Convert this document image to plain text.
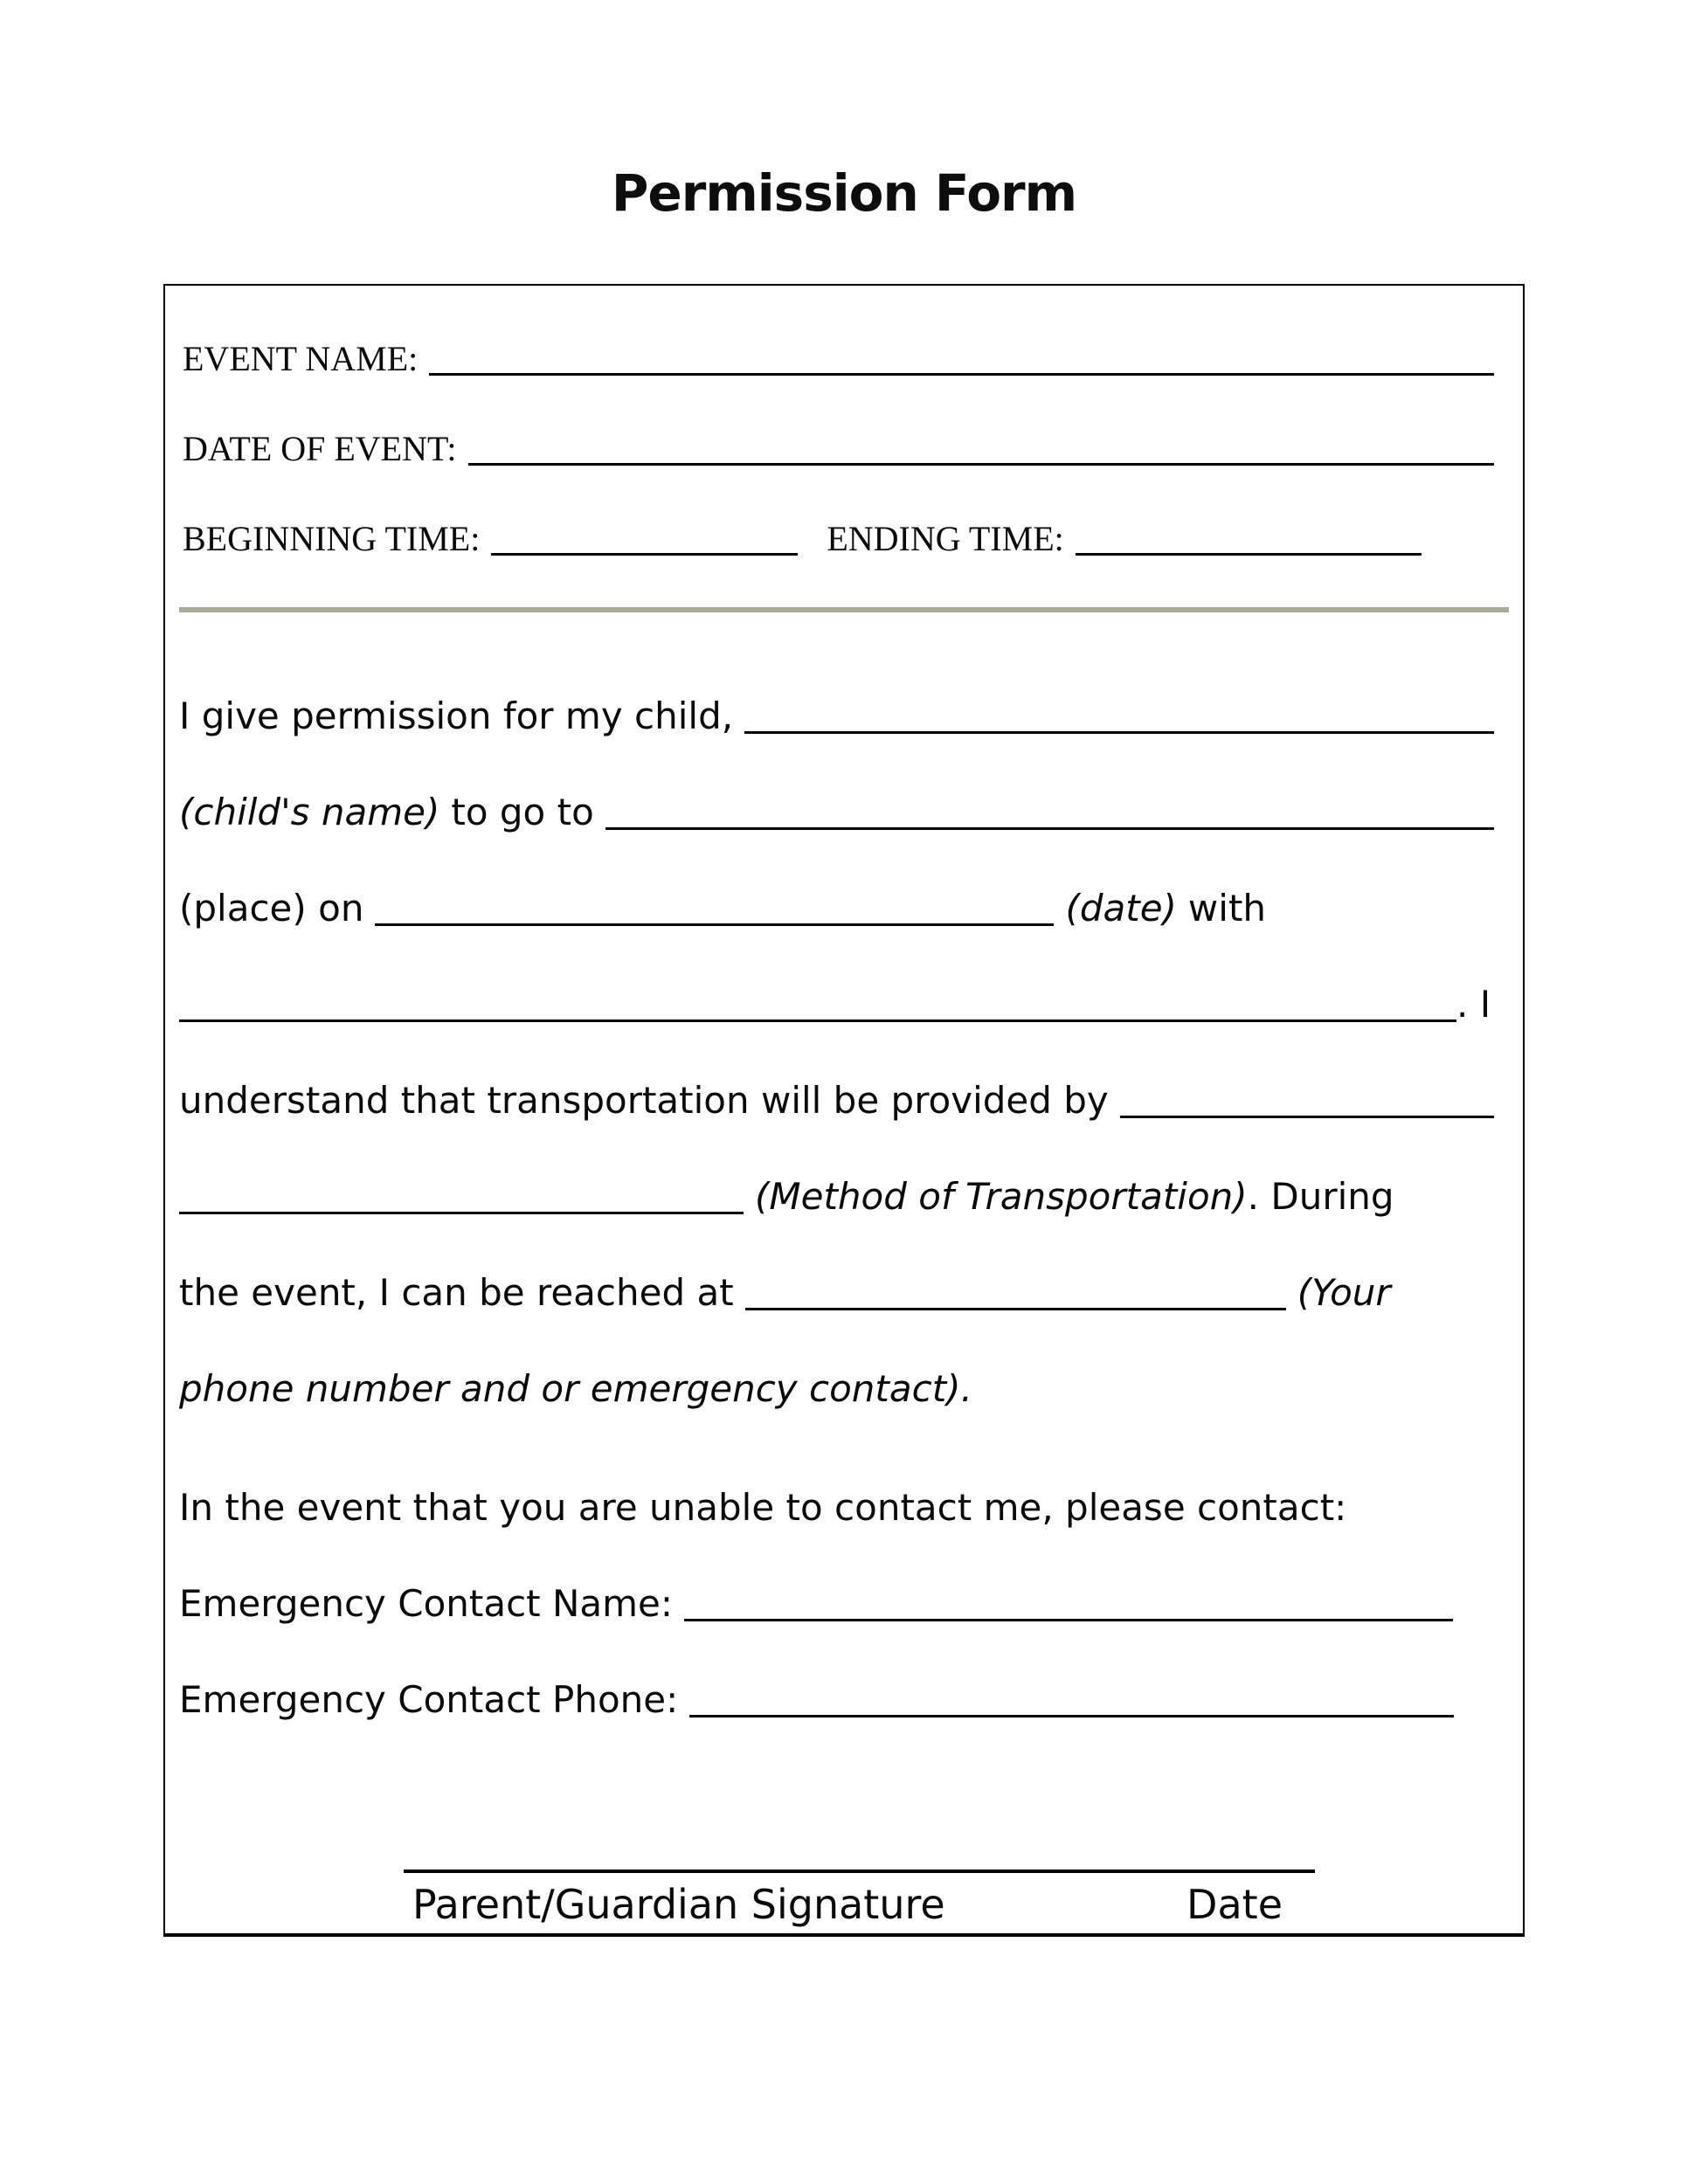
Permission Form
EVENT NAME:
DATE OF EVENT:
BEGINNING TIME:	ENDING TIME:
I give permission for my child,
(child's name) to go to
(place) on	(date) with
. I
understand that transportation will be provided by
(Method of Transportation) . During
the event, I can be reached at	(Your
phone number and or emergency contact).
In the event that you are unable to contact me, please contact:
Emergency Contact Name:
Emergency Contact Phone:
Parent/Guardian Signature	Date
